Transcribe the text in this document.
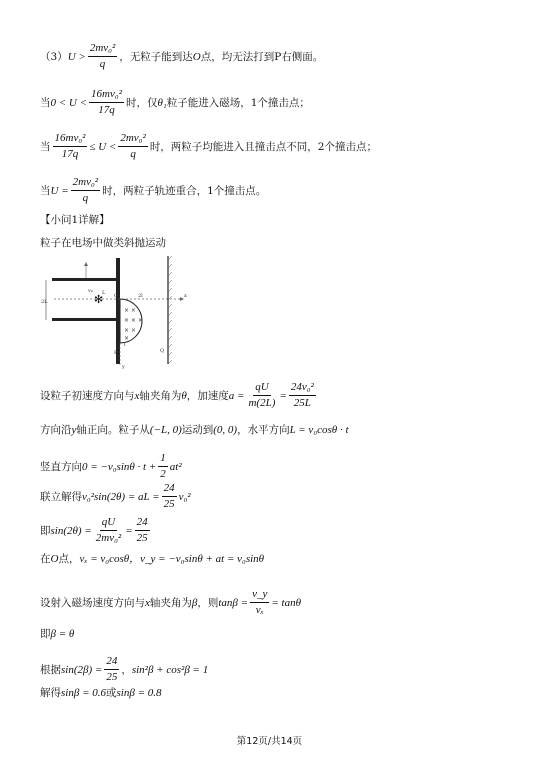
（3） $U > \frac{\text{2mv₀²}}{q}$ ，无粒子能到达 O 点，均无法打到P右侧面。
当 $0 < U < \frac{\text{16mv₀²}}{17q}$ 时，仅 θ₁ 粒子能进入磁场，1个撞击点；
当 $\frac{\text{16mv₀²}}{17q} \le U < \frac{\text{2mv₀²}}{q}$ 时，两粒子均能进入且撞击点不同，2个撞击点；
当 $U = \frac{\text{2mv₀²}}{q}$ 时，两粒子轨迹重合，1个撞击点。
【小问1详解】
粒子在电场中做类斜抛运动
✻
× ×
× × ×
× ×
×
2L
L O
P
x
y
Q
v₀
2l
l
设粒子初速度方向与 x 轴夹角为 θ ，加速度 $a = \frac{qU}{m(2L)} = \frac{\text{24v₀²}}{25L}$
方向沿 y 轴正向。粒子从 (−L, 0) 运动到 (0, 0) ，水平方向 L = v₀cosθ · t
竖直方向 $0 = -v_0\sin\theta \cdot t + \frac{1}{2} at^2$
联立解得 v₀²sin(2θ) = aL = $\frac{24}{25} v_0^2$
即 $\sin(2\theta) = \frac{qU}{\text{2mv₀²}} = \frac{24}{25}$
在 O 点， vₓ = v₀cosθ， v_y = −v₀sinθ + at = v₀sinθ
设射入磁场速度方向与 x 轴夹角为 β ，则 $\tan\beta = \frac{v\_y}{\text{vₓ}} = \tan\theta$
即 β = θ
根据 $\sin(2\beta) = \frac{24}{25}$ ， sin²β + cos²β = 1
解得 sinβ = 0.6 或 sinβ = 0.8
第12页/共14页
